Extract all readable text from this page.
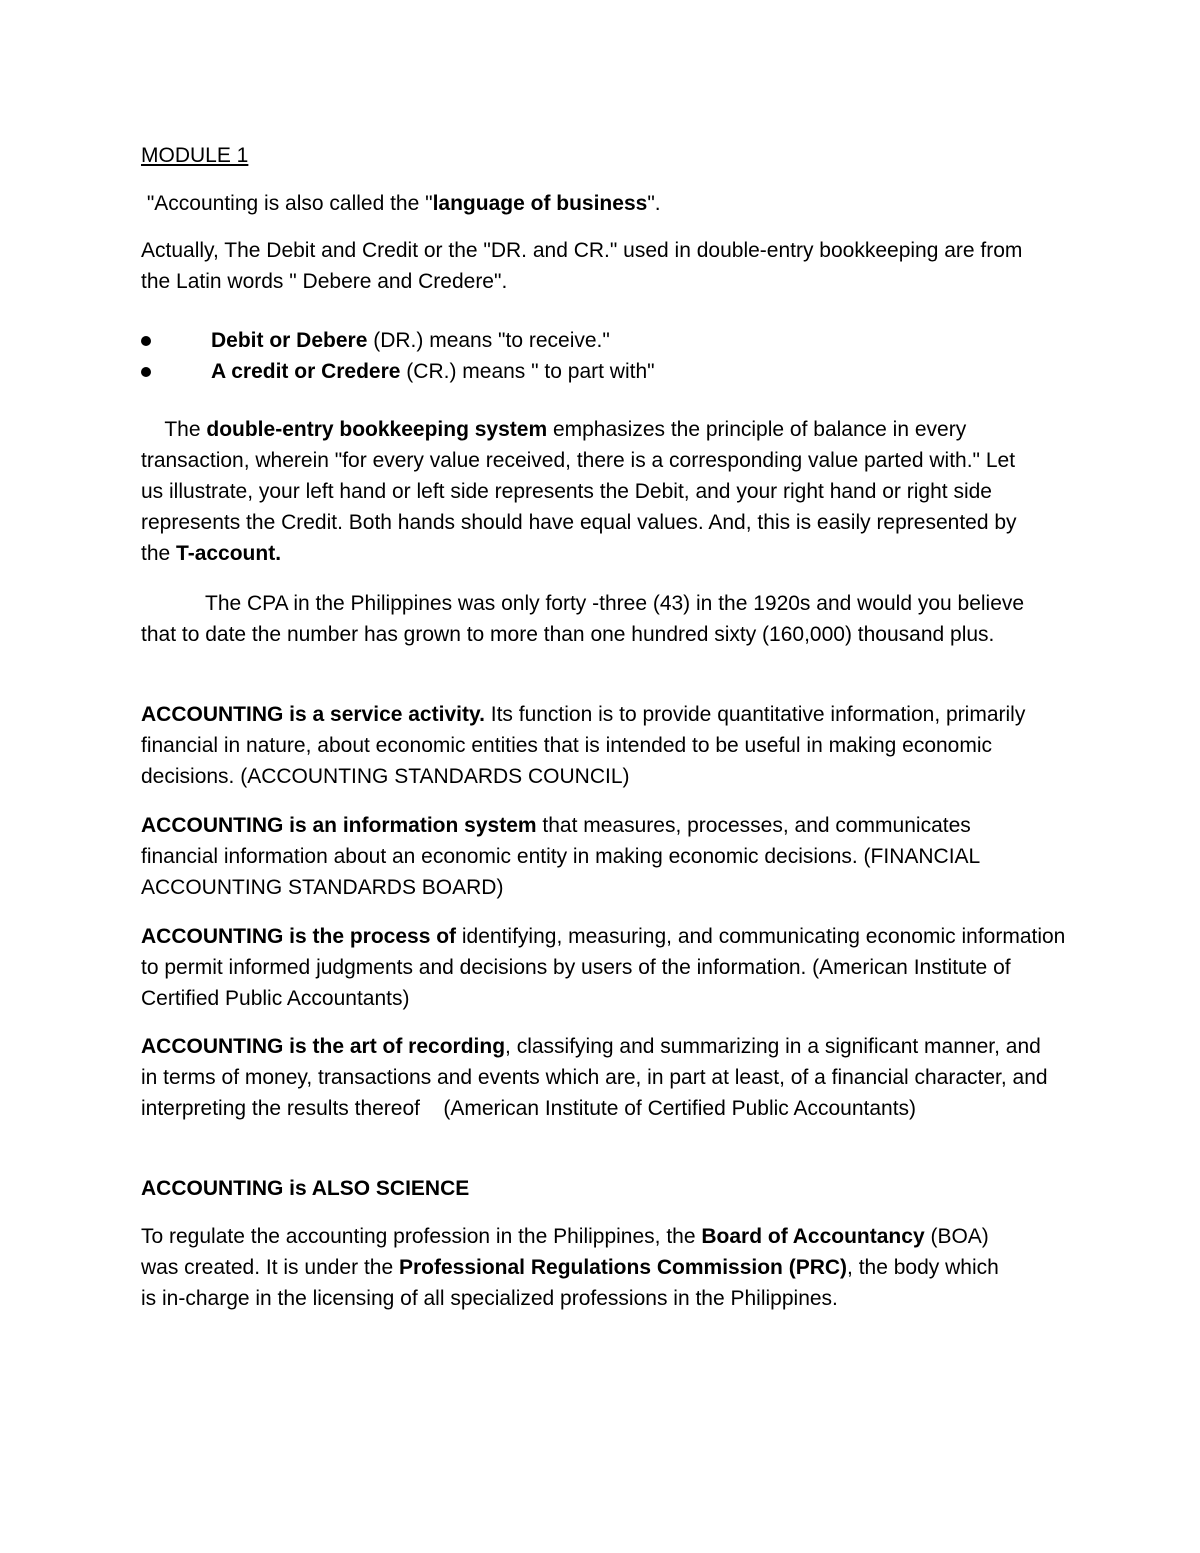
MODULE 1

"Accounting is also called the "language of business".

Actually, The Debit and Credit or the "DR. and CR." used in double-entry bookkeeping are from the Latin words " Debere and Credere".

Debit or Debere (DR.) means "to receive."
A credit or Credere (CR.) means " to part with"

The double-entry bookkeeping system emphasizes the principle of balance in every transaction, wherein "for every value received, there is a corresponding value parted with." Let us illustrate, your left hand or left side represents the Debit, and your right hand or right side represents the Credit. Both hands should have equal values. And, this is easily represented by the T-account.

The CPA in the Philippines was only forty -three (43) in the 1920s and would you believe that to date the number has grown to more than one hundred sixty (160,000) thousand plus.

ACCOUNTING is a service activity. Its function is to provide quantitative information, primarily financial in nature, about economic entities that is intended to be useful in making economic decisions. (ACCOUNTING STANDARDS COUNCIL)

ACCOUNTING is an information system that measures, processes, and communicates financial information about an economic entity in making economic decisions. (FINANCIAL ACCOUNTING STANDARDS BOARD)

ACCOUNTING is the process of identifying, measuring, and communicating economic information to permit informed judgments and decisions by users of the information. (American Institute of Certified Public Accountants)

ACCOUNTING is the art of recording, classifying and summarizing in a significant manner, and in terms of money, transactions and events which are, in part at least, of a financial character, and interpreting the results thereof    (American Institute of Certified Public Accountants)

ACCOUNTING is ALSO SCIENCE

To regulate the accounting profession in the Philippines, the Board of Accountancy (BOA) was created. It is under the Professional Regulations Commission (PRC), the body which is in-charge in the licensing of all specialized professions in the Philippines.
